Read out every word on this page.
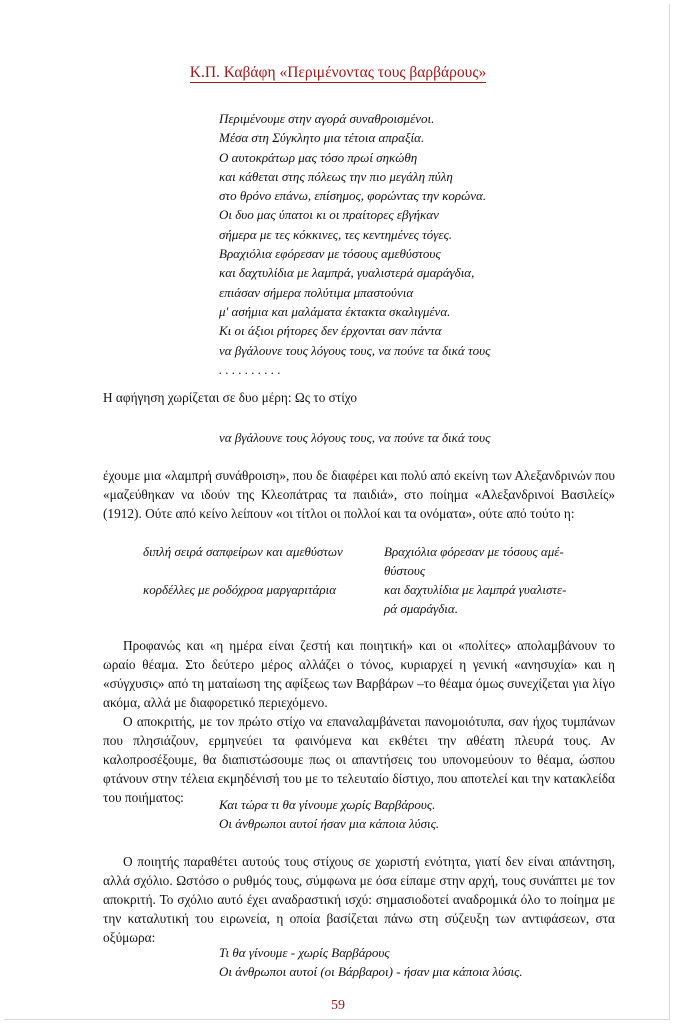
Κ.Π. Καβάφη «Περιμένοντας τους βαρβάρους»
Περιμένουμε στην αγορά συναθροισμένοι.
Μέσα στη Σύγκλητο μια τέτοια απραξία.
Ο αυτοκράτωρ μας τόσο πρωί σηκώθη
και κάθεται στης πόλεως την πιο μεγάλη πύλη
στο θρόνο επάνω, επίσημος, φορώντας την κορώνα.
Οι δυο μας ύπατοι κι οι πραίτορες εβγήκαν
σήμερα με τες κόκκινες, τες κεντημένες τόγες.
Βραχιόλια εφόρεσαν με τόσους αμεθύστους
και δαχτυλίδια με λαμπρά, γυαλιστερά σμαράγδια,
επιάσαν σήμερα πολύτιμα μπαστούνια
μ' ασήμια και μαλάματα έκτακτα σκαλιγμένα.
Κι οι άξιοι ρήτορες δεν έρχονται σαν πάντα
να βγάλουνε τους λόγους τους, να πούνε τα δικά τους
. . . . . . . . . .
Η αφήγηση χωρίζεται σε δυο μέρη: Ως το στίχο
να βγάλουνε τους λόγους τους, να πούνε τα δικά τους
έχουμε μια «λαμπρή συνάθροιση», που δε διαφέρει και πολύ από εκείνη των Αλεξανδρινών που «μαζεύθηκαν να ιδούν της Κλεοπάτρας τα παιδιά», στο ποίημα «Αλεξανδρινοί Βασιλείς» (1912). Ούτε από κείνο λείπουν «οι τίτλοι οι πολλοί και τα ονόματα», ούτε από τούτο η:
διπλή σειρά σαπφείρων και αμεθύστων
κορδέλλες με ροδόχροα μαργαριτάρια
Βραχιόλια φόρεσαν με τόσους αμέ-
θύστους
και δαχτυλίδια με λαμπρά γυαλιστε-
ρά σμαράγδια.
Προφανώς και «η ημέρα είναι ζεστή και ποιητική» και οι «πολίτες» απολαμβάνουν το ωραίο θέαμα. Στο δεύτερο μέρος αλλάζει ο τόνος, κυριαρχεί η γενική «ανησυχία» και η «σύγχυσις» από τη ματαίωση της αφίξεως των Βαρβάρων –το θέαμα όμως συνεχίζεται για λίγο ακόμα, αλλά με διαφορετικό περιεχόμενο.
Ο αποκριτής, με τον πρώτο στίχο να επαναλαμβάνεται πανομοιότυπα, σαν ήχος τυμπάνων που πλησιάζουν, ερμηνεύει τα φαινόμενα και εκθέτει την αθέατη πλευρά τους. Αν καλοπροσέξουμε, θα διαπιστώσουμε πως οι απαντήσεις του υπονομεύουν το θέαμα, ώσπου φτάνουν στην τέλεια εκμηδένισή του με το τελευταίο δίστιχο, που αποτελεί και την κατακλείδα του ποιήματος:	Και τώρα τι θα γίνουμε χωρίς Βαρβάρους.
Οι άνθρωποι αυτοί ήσαν μια κάποια λύσις.
Ο ποιητής παραθέτει αυτούς τους στίχους σε χωριστή ενότητα, γιατί δεν είναι απάντηση, αλλά σχόλιο. Ωστόσο ο ρυθμός τους, σύμφωνα με όσα είπαμε στην αρχή, τους συνάπτει με τον αποκριτή. Το σχόλιο αυτό έχει αναδραστική ισχύ: σημασιοδοτεί αναδρομικά όλο το ποίημα με την καταλυτική του ειρωνεία, η οποία βασίζεται πάνω στη σύζευξη των αντιφάσεων, στα οξύμωρα:
Τι θα γίνουμε - χωρίς Βαρβάρους
Οι άνθρωποι αυτοί (οι Βάρβαροι) - ήσαν μια κάποια λύσις.
59
